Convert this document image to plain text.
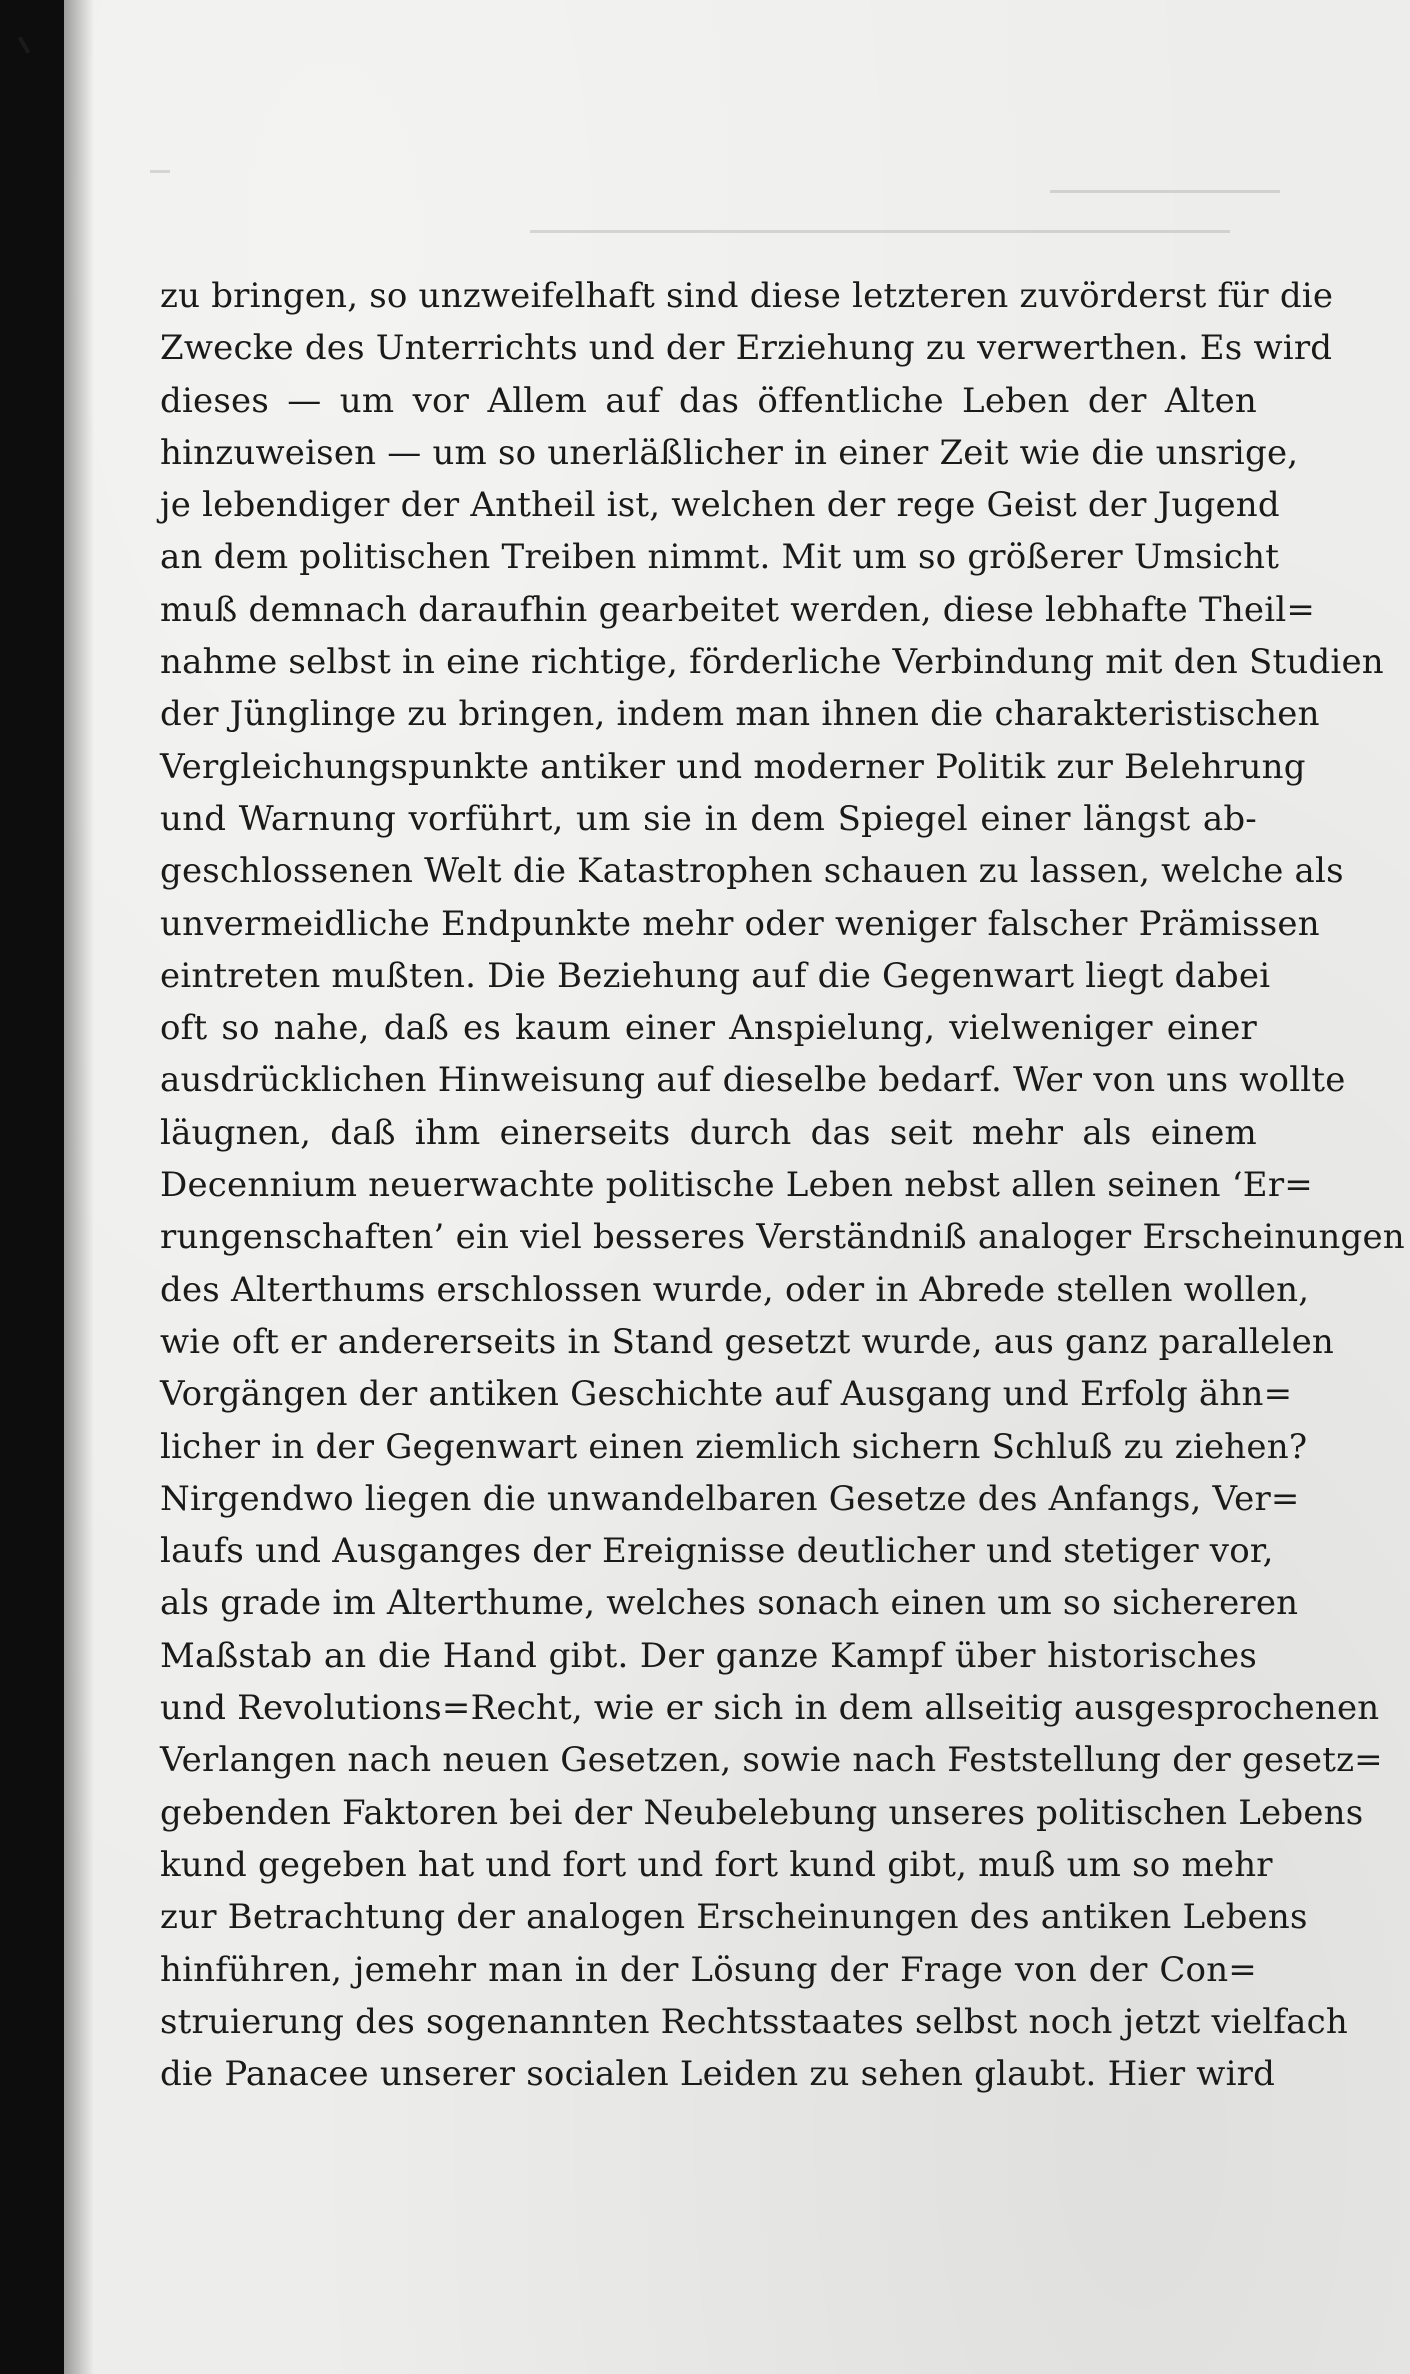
zu bringen, so unzweifelhaft sind diese letzteren zuvörderst für die
Zwecke des Unterrichts und der Erziehung zu verwerthen. Es wird
dieses — um vor Allem auf das öffentliche Leben der Alten
hinzuweisen — um so unerläßlicher in einer Zeit wie die unsrige,
je lebendiger der Antheil ist, welchen der rege Geist der Jugend
an dem politischen Treiben nimmt. Mit um so größerer Umsicht
muß demnach daraufhin gearbeitet werden, diese lebhafte Theil=
nahme selbst in eine richtige, förderliche Verbindung mit den Studien
der Jünglinge zu bringen, indem man ihnen die charakteristischen
Vergleichungspunkte antiker und moderner Politik zur Belehrung
und Warnung vorführt, um sie in dem Spiegel einer längst ab-
geschlossenen Welt die Katastrophen schauen zu lassen, welche als
unvermeidliche Endpunkte mehr oder weniger falscher Prämissen
eintreten mußten. Die Beziehung auf die Gegenwart liegt dabei
oft so nahe, daß es kaum einer Anspielung, vielweniger einer
ausdrücklichen Hinweisung auf dieselbe bedarf. Wer von uns wollte
läugnen, daß ihm einerseits durch das seit mehr als einem
Decennium neuerwachte politische Leben nebst allen seinen ‘Er=
rungenschaften’ ein viel besseres Verständniß analoger Erscheinungen
des Alterthums erschlossen wurde, oder in Abrede stellen wollen,
wie oft er andererseits in Stand gesetzt wurde, aus ganz parallelen
Vorgängen der antiken Geschichte auf Ausgang und Erfolg ähn=
licher in der Gegenwart einen ziemlich sichern Schluß zu ziehen?
Nirgendwo liegen die unwandelbaren Gesetze des Anfangs, Ver=
laufs und Ausganges der Ereignisse deutlicher und stetiger vor,
als grade im Alterthume, welches sonach einen um so sichereren
Maßstab an die Hand gibt. Der ganze Kampf über historisches
und Revolutions=Recht, wie er sich in dem allseitig ausgesprochenen
Verlangen nach neuen Gesetzen, sowie nach Feststellung der gesetz=
gebenden Faktoren bei der Neubelebung unseres politischen Lebens
kund gegeben hat und fort und fort kund gibt, muß um so mehr
zur Betrachtung der analogen Erscheinungen des antiken Lebens
hinführen, jemehr man in der Lösung der Frage von der Con=
struierung des sogenannten Rechtsstaates selbst noch jetzt vielfach
die Panacee unserer socialen Leiden zu sehen glaubt. Hier wird
